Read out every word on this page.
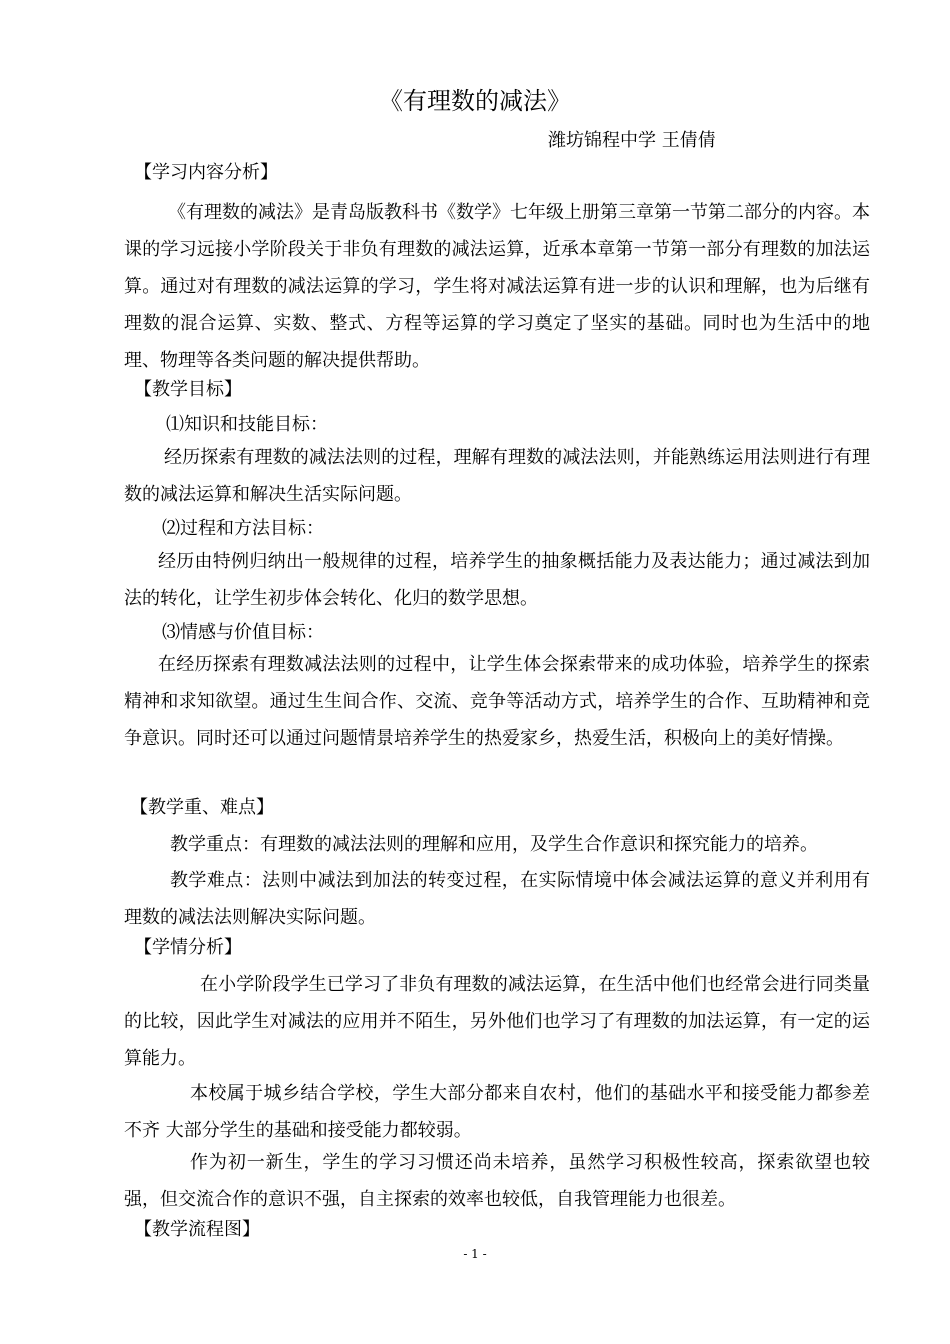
《有理数的减法》
潍坊锦程中学 王倩倩
【学习内容分析】
《有理数的减法》是青岛版教科书《数学》七年级上册第三章第一节第二部分的内容。本课的学习远接小学阶段关于非负有理数的减法运算，近承本章第一节第一部分有理数的加法运算。通过对有理数的减法运算的学习，学生将对减法运算有进一步的认识和理解，也为后继有理数的混合运算、实数、整式、方程等运算的学习奠定了坚实的基础。同时也为生活中的地理、物理等各类问题的解决提供帮助。
【教学目标】
⑴知识和技能目标：
经历探索有理数的减法法则的过程，理解有理数的减法法则，并能熟练运用法则进行有理数的减法运算和解决生活实际问题。
⑵过程和方法目标：
经历由特例归纳出一般规律的过程，培养学生的抽象概括能力及表达能力；通过减法到加法的转化，让学生初步体会转化、化归的数学思想。
⑶情感与价值目标：
在经历探索有理数减法法则的过程中，让学生体会探索带来的成功体验，培养学生的探索精神和求知欲望。通过生生间合作、交流、竞争等活动方式，培养学生的合作、互助精神和竞争意识。同时还可以通过问题情景培养学生的热爱家乡，热爱生活，积极向上的美好情操。
【教学重、难点】
教学重点：有理数的减法法则的理解和应用，及学生合作意识和探究能力的培养。
教学难点：法则中减法到加法的转变过程，在实际情境中体会减法运算的意义并利用有理数的减法法则解决实际问题。
【学情分析】
在小学阶段学生已学习了非负有理数的减法运算，在生活中他们也经常会进行同类量的比较，因此学生对减法的应用并不陌生，另外他们也学习了有理数的加法运算，有一定的运算能力。
本校属于城乡结合学校，学生大部分都来自农村，他们的基础水平和接受能力都参差不齐 大部分学生的基础和接受能力都较弱。
作为初一新生，学生的学习习惯还尚未培养，虽然学习积极性较高，探索欲望也较强，但交流合作的意识不强，自主探索的效率也较低，自我管理能力也很差。
【教学流程图】
- 1 -
